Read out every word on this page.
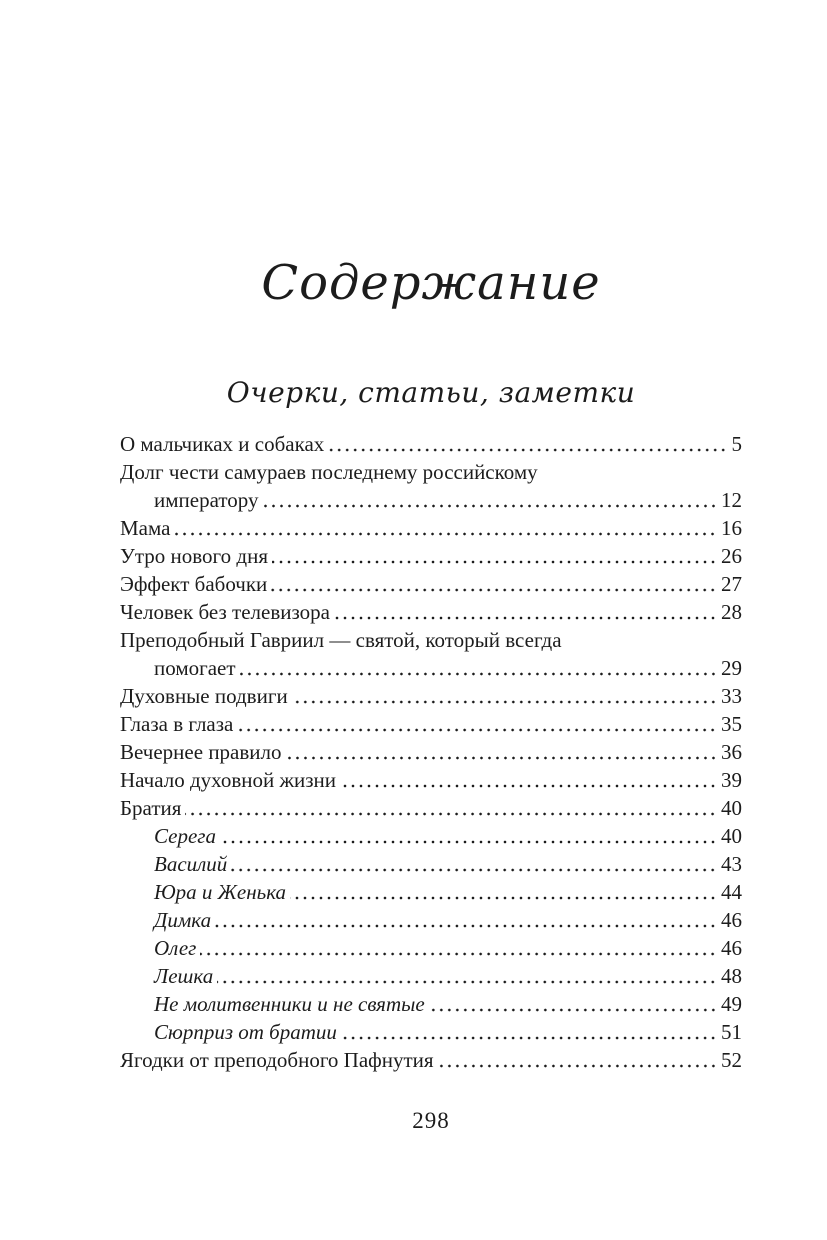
Содержание
Очерки, статьи, заметки
О мальчиках и собаках	5
Долг чести самураев последнему российскому
императору	12
Мама	16
Утро нового дня	26
Эффект бабочки	27
Человек без телевизора	28
Преподобный Гавриил — святой, который всегда
помогает	29
Духовные подвиги	33
Глаза в глаза	35
Вечернее правило	36
Начало духовной жизни	39
Братия	40
Серега	40
Василий	43
Юра и Женька	44
Димка	46
Олег	46
Лешка	48
Не молитвенники и не святые	49
Сюрприз от братии	51
Ягодки от преподобного Пафнутия	52
298
